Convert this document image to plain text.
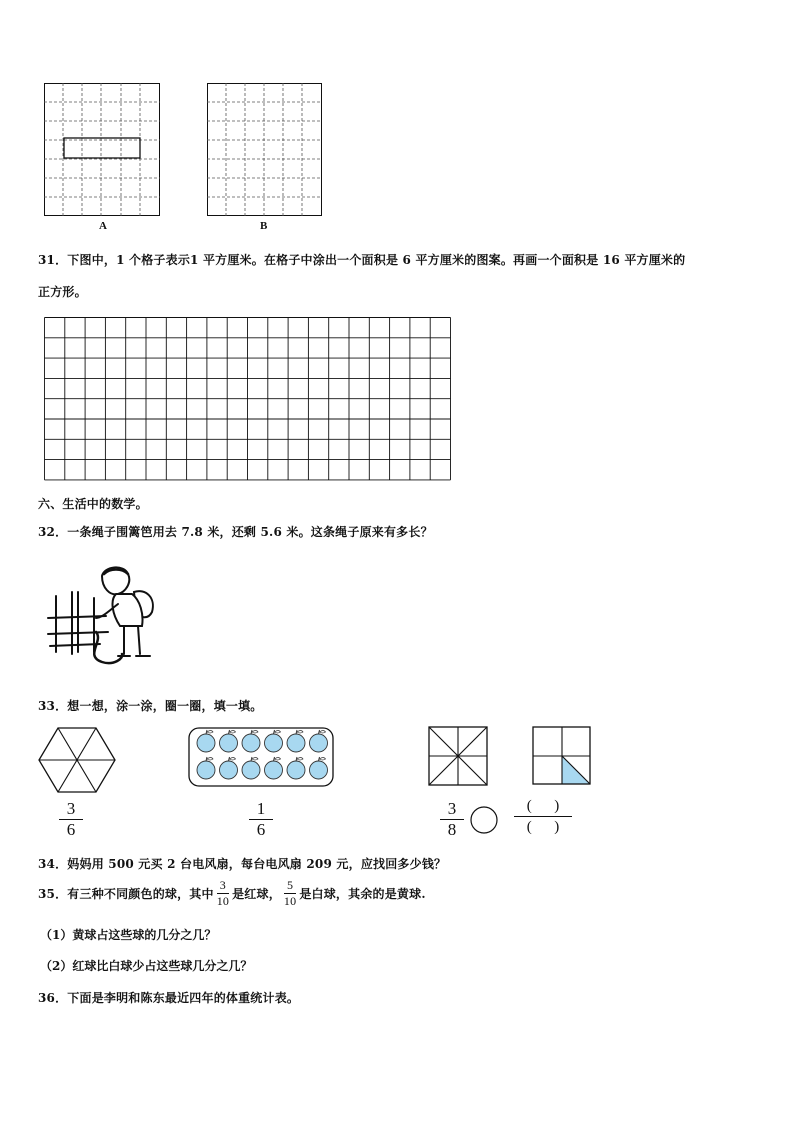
A	B
31．下图中，1 个格子表示1 平方厘米。在格子中涂出一个面积是 6 平方厘米的图案。再画一个面积是 16 平方厘米的
正方形。
六、生活中的数学。
32．一条绳子围篱笆用去 7.8 米，还剩 5.6 米。这条绳子原来有多长？
33．想一想，涂一涂，圈一圈，填一填。
3
6
1
6
3
8
(      )
(      )
34．妈妈用 500 元买 2 台电风扇，每台电风扇 209 元，应找回多少钱？
35．有三种不同颜色的球，其中
3
10 是红球，
5
10 是白球，其余的是黄球.
（1）黄球占这些球的几分之几？
（2）红球比白球少占这些球几分之几？
36．下面是李明和陈东最近四年的体重统计表。
